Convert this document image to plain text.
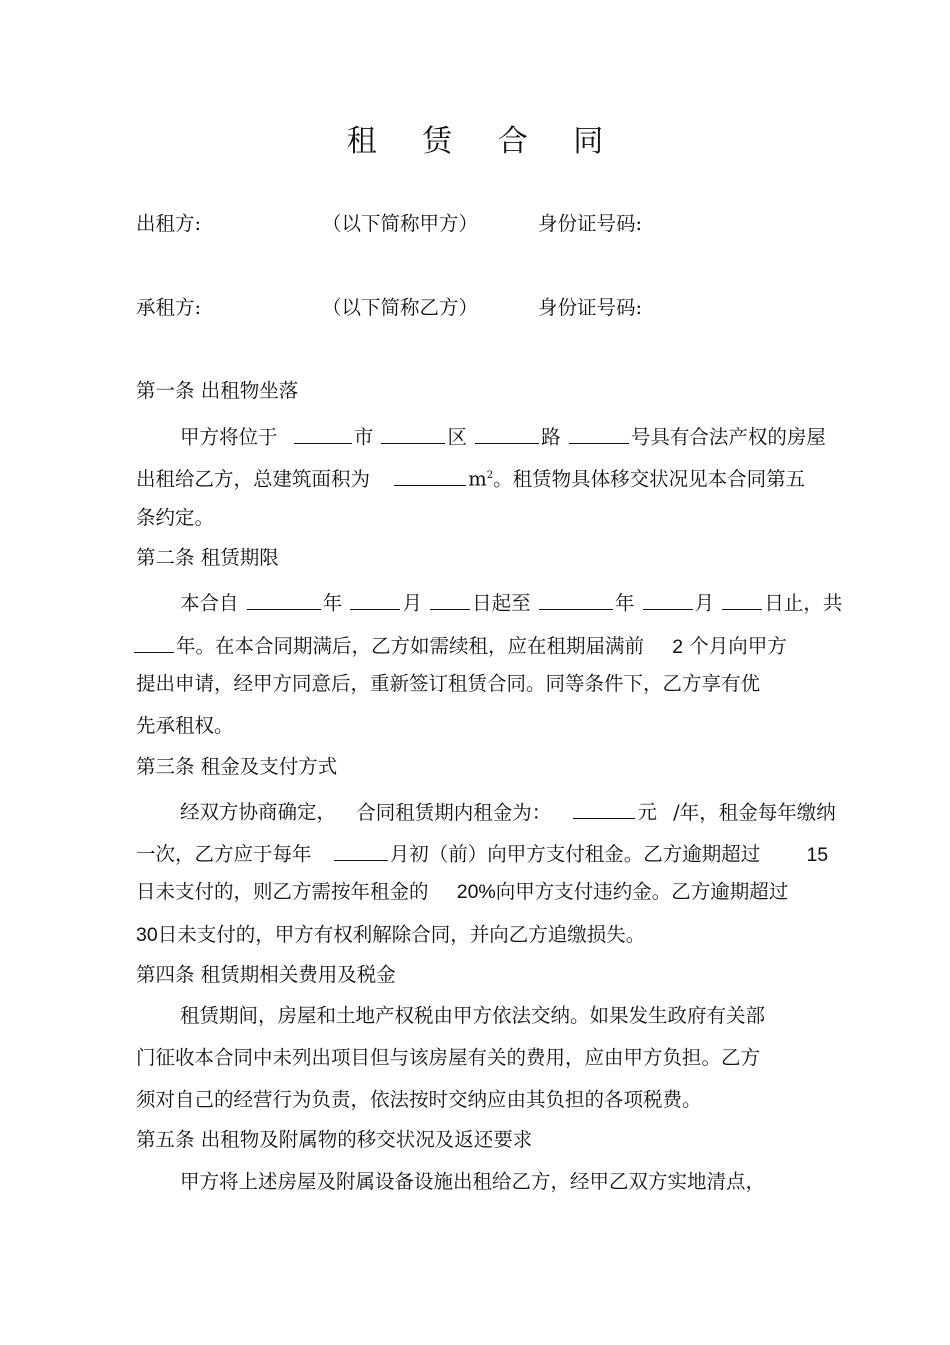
租 赁 合 同
出租方:	（以下简称甲方）	身份证号码:
承租方:	（以下简称乙方）	身份证号码:
第一条 出租物坐落
甲方将位于	市	区	路	号具有合法产权的房屋
出租给乙方，总建筑面积为	$m^2$。租赁物具体移交状况见本合同第五
条约定。
第二条 租赁期限
本合自	年	月	日起至	年	月	日止，共
年。在本合同期满后，乙方如需续租，应在租期届满前 2 个月向甲方
提出申请，经甲方同意后，重新签订租赁合同。同等条件下，乙方享有优
先承租权。
第三条 租金及支付方式
经双方协商确定， 合同租赁期内租金为：	元 /年，租金每年缴纳
一次，乙方应于每年	月初（前）向甲方支付租金。乙方逾期超过 15
日未支付的，则乙方需按年租金的 20%向甲方支付违约金。乙方逾期超过
30日未支付的，甲方有权利解除合同，并向乙方追缴损失。
第四条 租赁期相关费用及税金
租赁期间，房屋和土地产权税由甲方依法交纳。如果发生政府有关部
门征收本合同中未列出项目但与该房屋有关的费用，应由甲方负担。乙方
须对自己的经营行为负责，依法按时交纳应由其负担的各项税费。
第五条 出租物及附属物的移交状况及返还要求
甲方将上述房屋及附属设备设施出租给乙方，经甲乙双方实地清点，
